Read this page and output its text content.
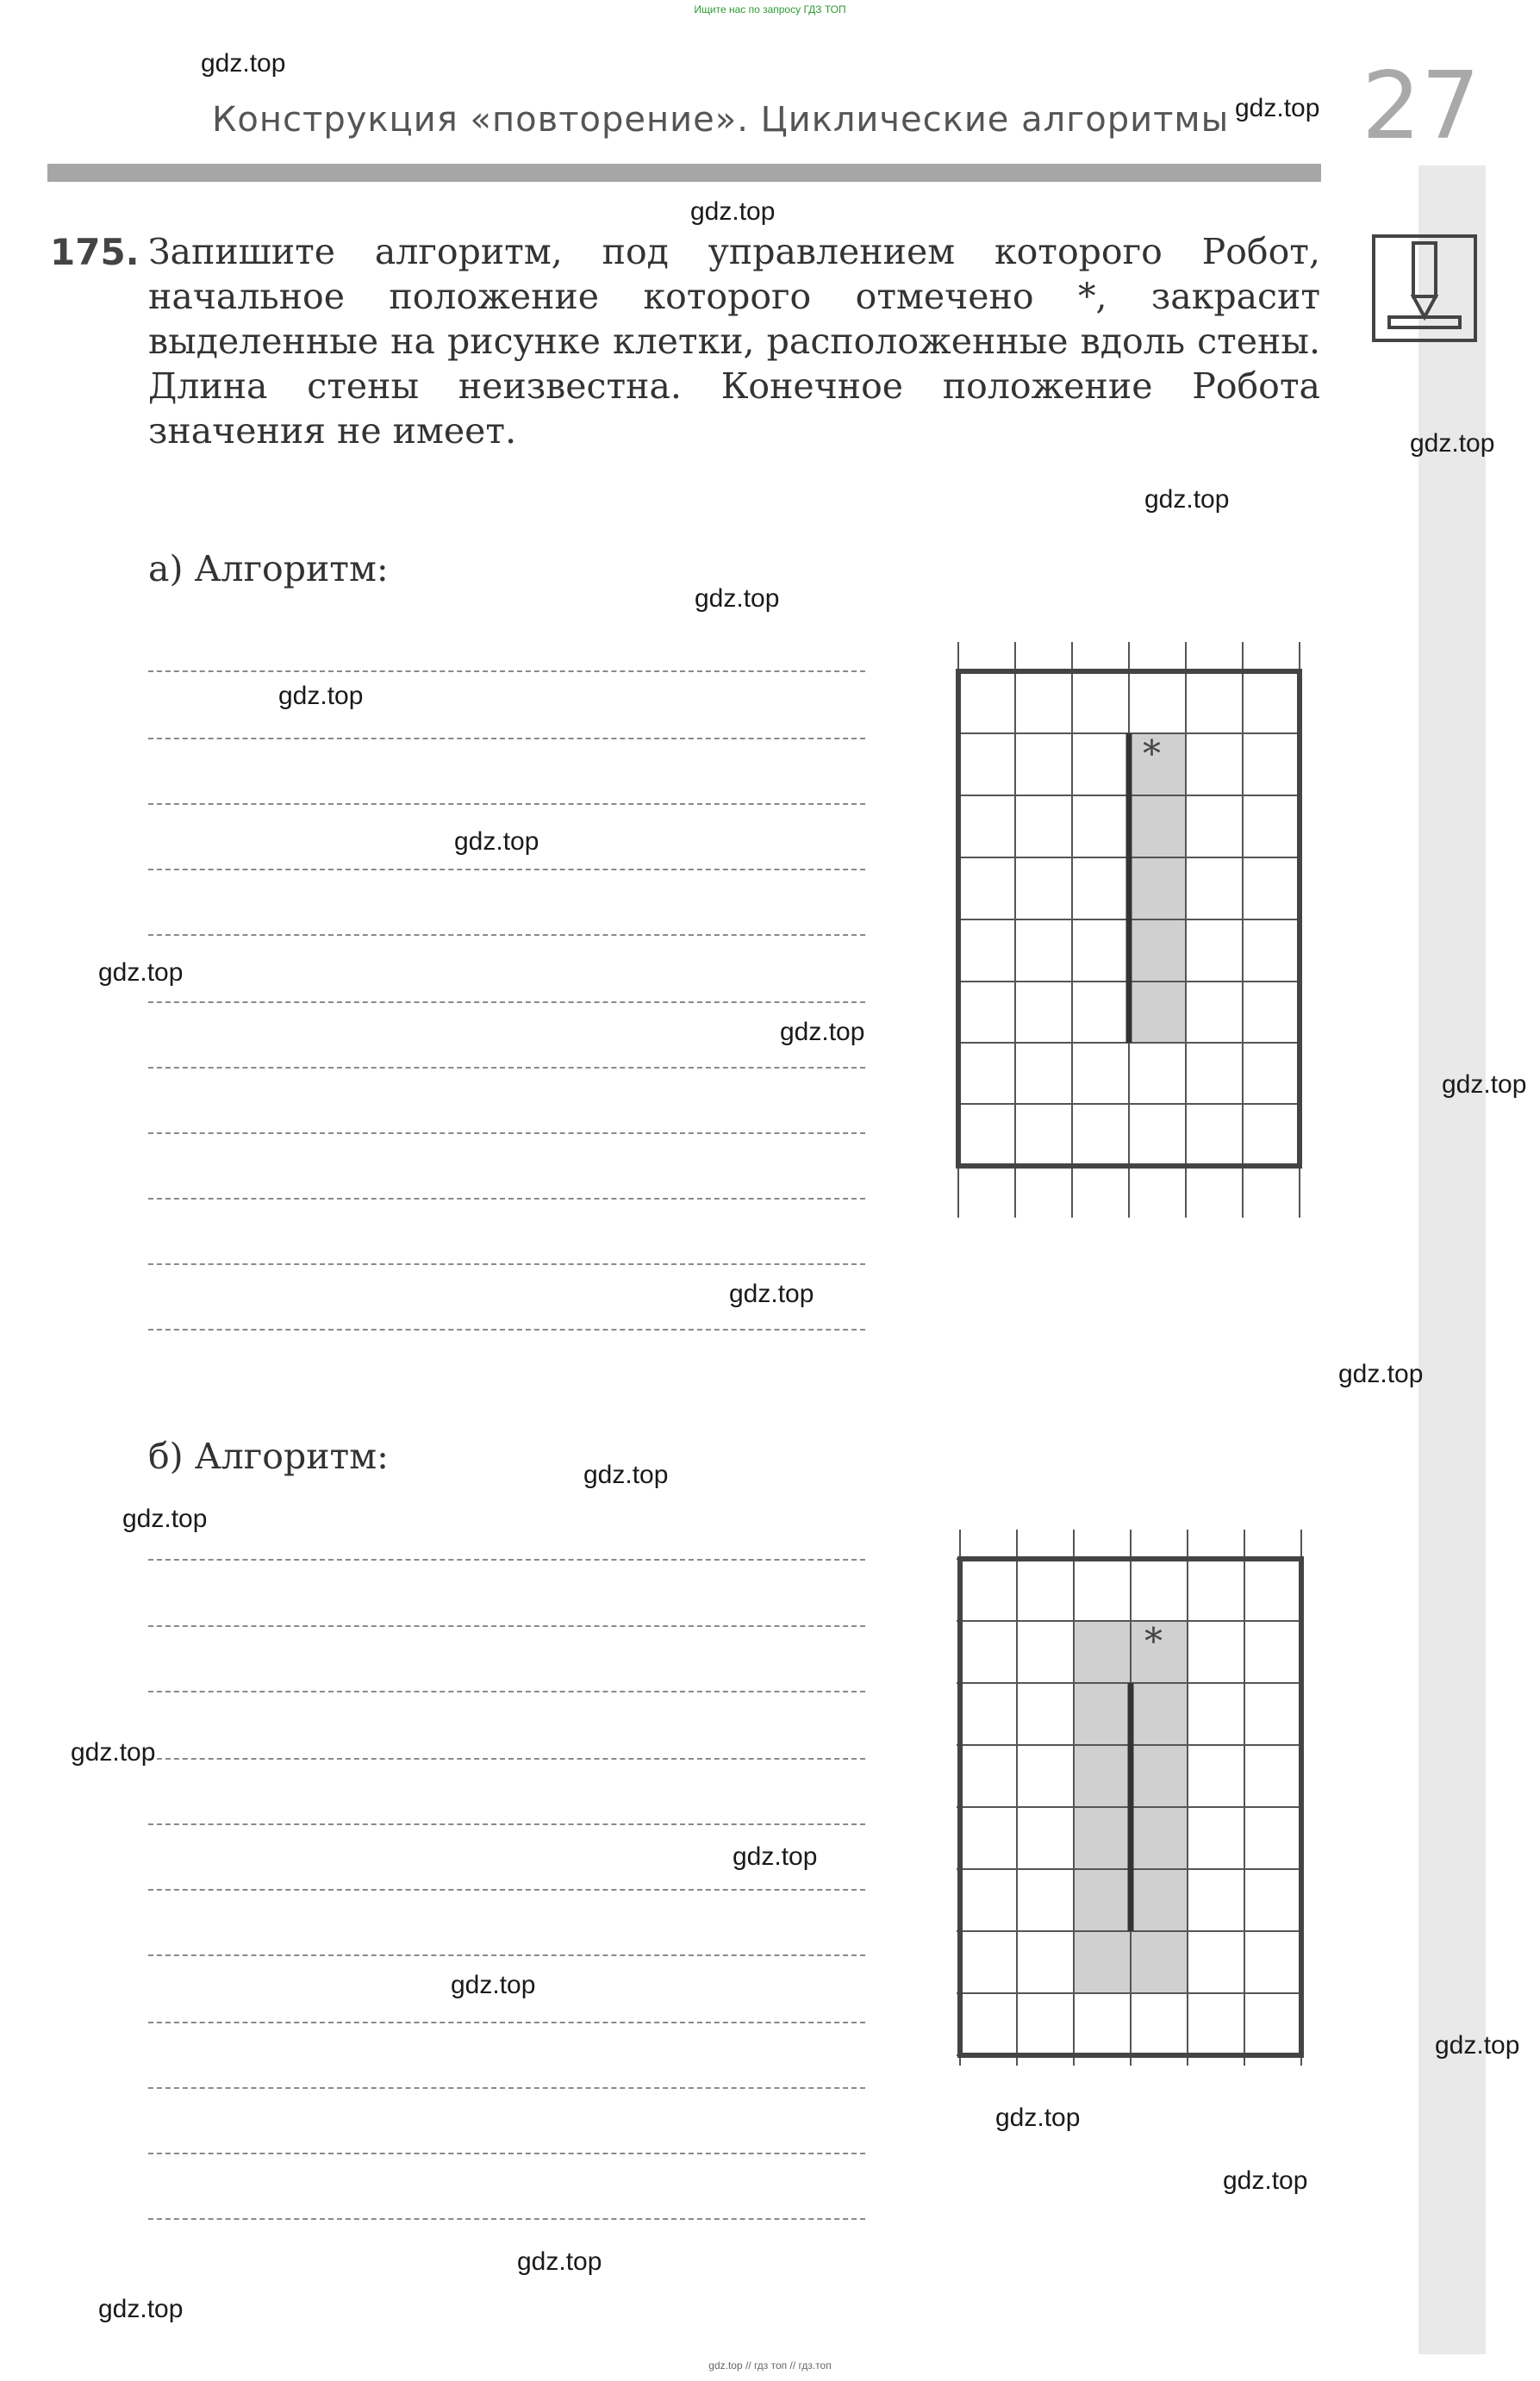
Ищите нас по запросу ГДЗ ТОП
Конструкция «повторение». Циклические алгоритмы 27
175. Запишите алгоритм, под управлением которого Робот, начальное положение которого отмечено *, закрасит выделенные на рисунке клетки, расположенные вдоль стены. Длина стены неизвестна. Конечное положение Робота значения не имеет.
а) Алгоритм:
*
б) Алгоритм:
*
gdz.top
gdz.top
gdz.top
gdz.top
gdz.top
gdz.top
gdz.top
gdz.top
gdz.top
gdz.top
gdz.top
gdz.top
gdz.top
gdz.top
gdz.top
gdz.top
gdz.top
gdz.top
gdz.top
gdz.top
gdz.top
gdz.top
gdz.top
gdz.top // гдз топ // гдз.топ
